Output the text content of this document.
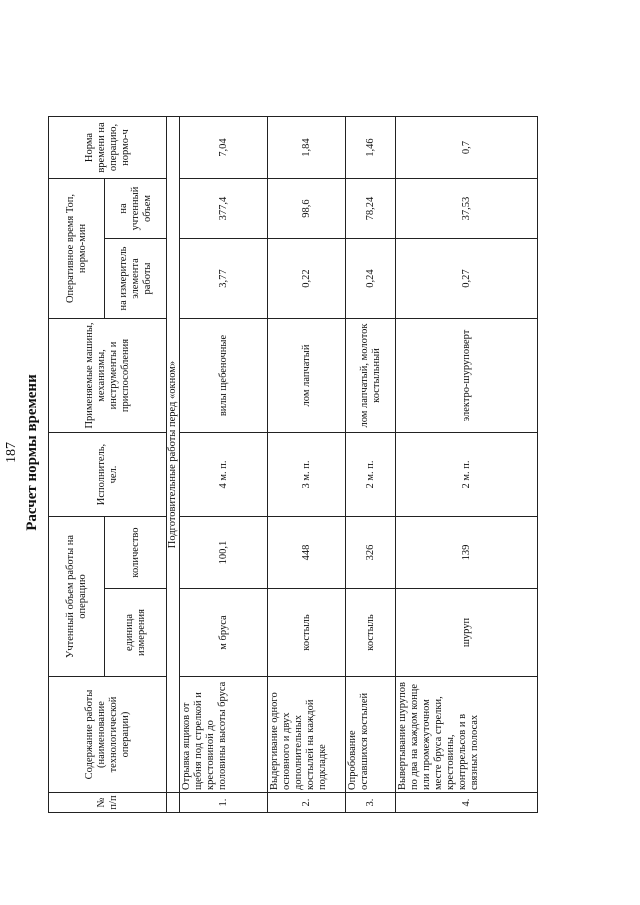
187 Расчет нормы времени
№ п/п	Содержание работы (наименование технологической операции)	Учтенный объем работы на операцию		Исполнитель, чел.	Применяемые машины, механизмы, инструменты и приспособления	Оперативное время Топ, нормо-мин		Норма времени на операцию, нормо-ч
		единица измерения	количество			на измеритель элемента работы	на учтенный объем	
	Подготовительные работы перед «окном»							
1.	Отрывка ящиков от щебня под стрелкой и крестовиной до половины высоты бруса	м бруса	100,1	4 м. п.	вилы щебеночные	3,77	377,4	7,04
2.	Выдергивание одного основного и двух дополнительных костылей на каждой подкладке	костыль	448	3 м. п.	лом лапчатый	0,22	98,6	1,84
3.	Опробование оставшихся костылей	костыль	326	2 м. п.	лом лапчатый, молоток костыльный	0,24	78,24	1,46
4.	Вывертывание шурупов по два на каждом конце или промежуточном месте бруса стрелки, крестовины, контррельсов и в связных полосах	шуруп	139	2 м. п.	электро-шуруповерт	0,27	37,53	0,7
